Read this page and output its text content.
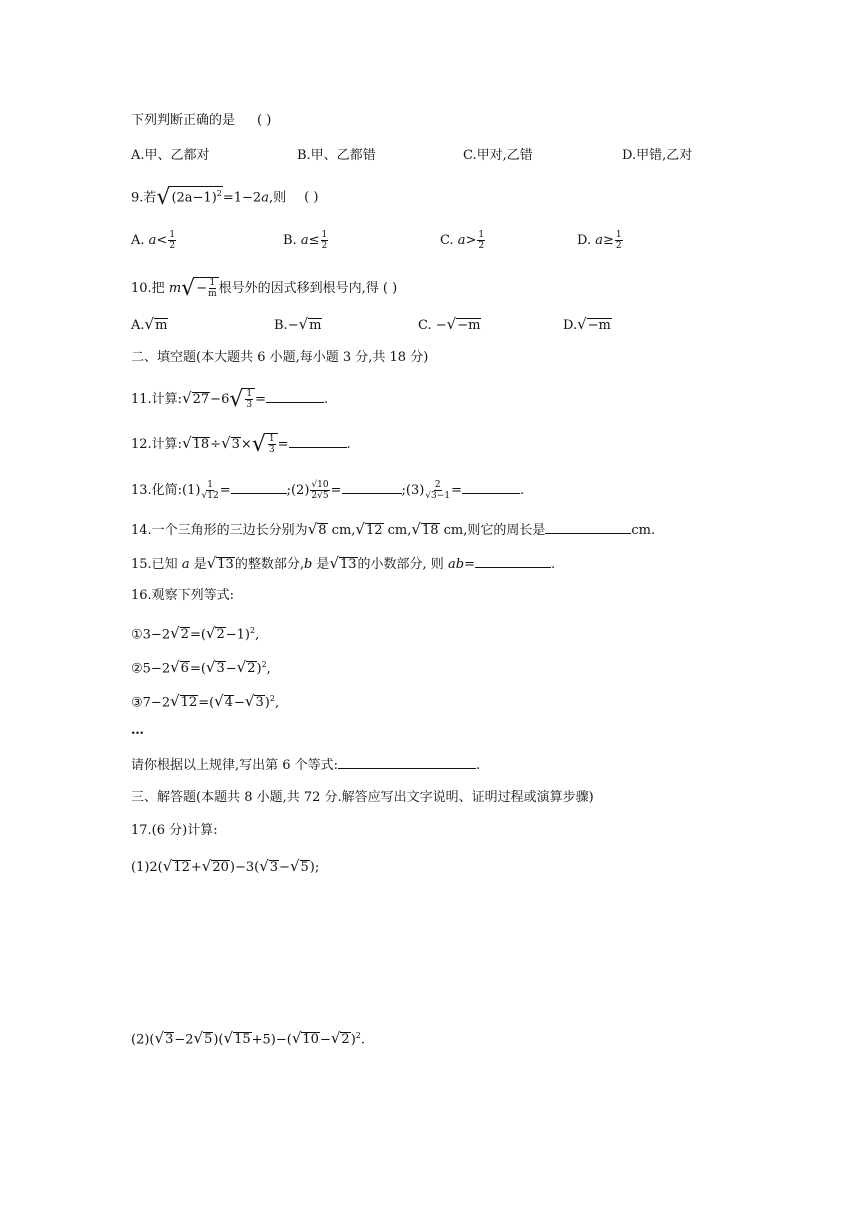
下列判断正确的是 ( )
A.甲、乙都对	B.甲、乙都错	C.甲对,乙错	D.甲错,乙对
9.若$√(2a-1)^2=1-2a$,则 ( )
A. $a< \frac{1}{2}$	B. $a\le \frac{1}{2}$	C. $a> \frac{1}{2}$	D. $a\ge \frac{1}{2}$
10.把 $m√- \frac{1}{m}$ 根号外的因式移到根号内,得 ( )
A.√m	B.−√m	C. −√−m	D.√−m
二、填空题(本大题共 6 小题,每小题 3 分,共 18 分)
11.计算:√27−6√ $\frac{1}{3}$ =	.
12.计算:√18÷√3×√ $\frac{1}{3}$ =	.
13.化简:(1) $\frac{1}{√12}$ =	;(2) $\frac{√10}{2√5}$ =	;(3) $\frac{2}{√3-1}$ =	.
14.一个三角形的三边长分别为√8 cm,√12 cm,√18 cm,则它的周长是	cm.
15.已知 a 是√13的整数部分,b 是√13的小数部分, 则 ab=	.
16.观察下列等式:
$①3-2√2=(√2-1)^2$,
$②5-2√6=(√3-√2)^2$,
$③7-2√12=(√4-√3)^2$,
…
请你根据以上规律,写出第 6 个等式:	.
三、解答题(本题共 8 小题,共 72 分.解答应写出文字说明、证明过程或演算步骤)
17.(6 分)计算:
(1)2(√12+√20)−3(√3−√5);
$(2)(√3-2√5)(√15+5)-(√10-√2)^2$.
